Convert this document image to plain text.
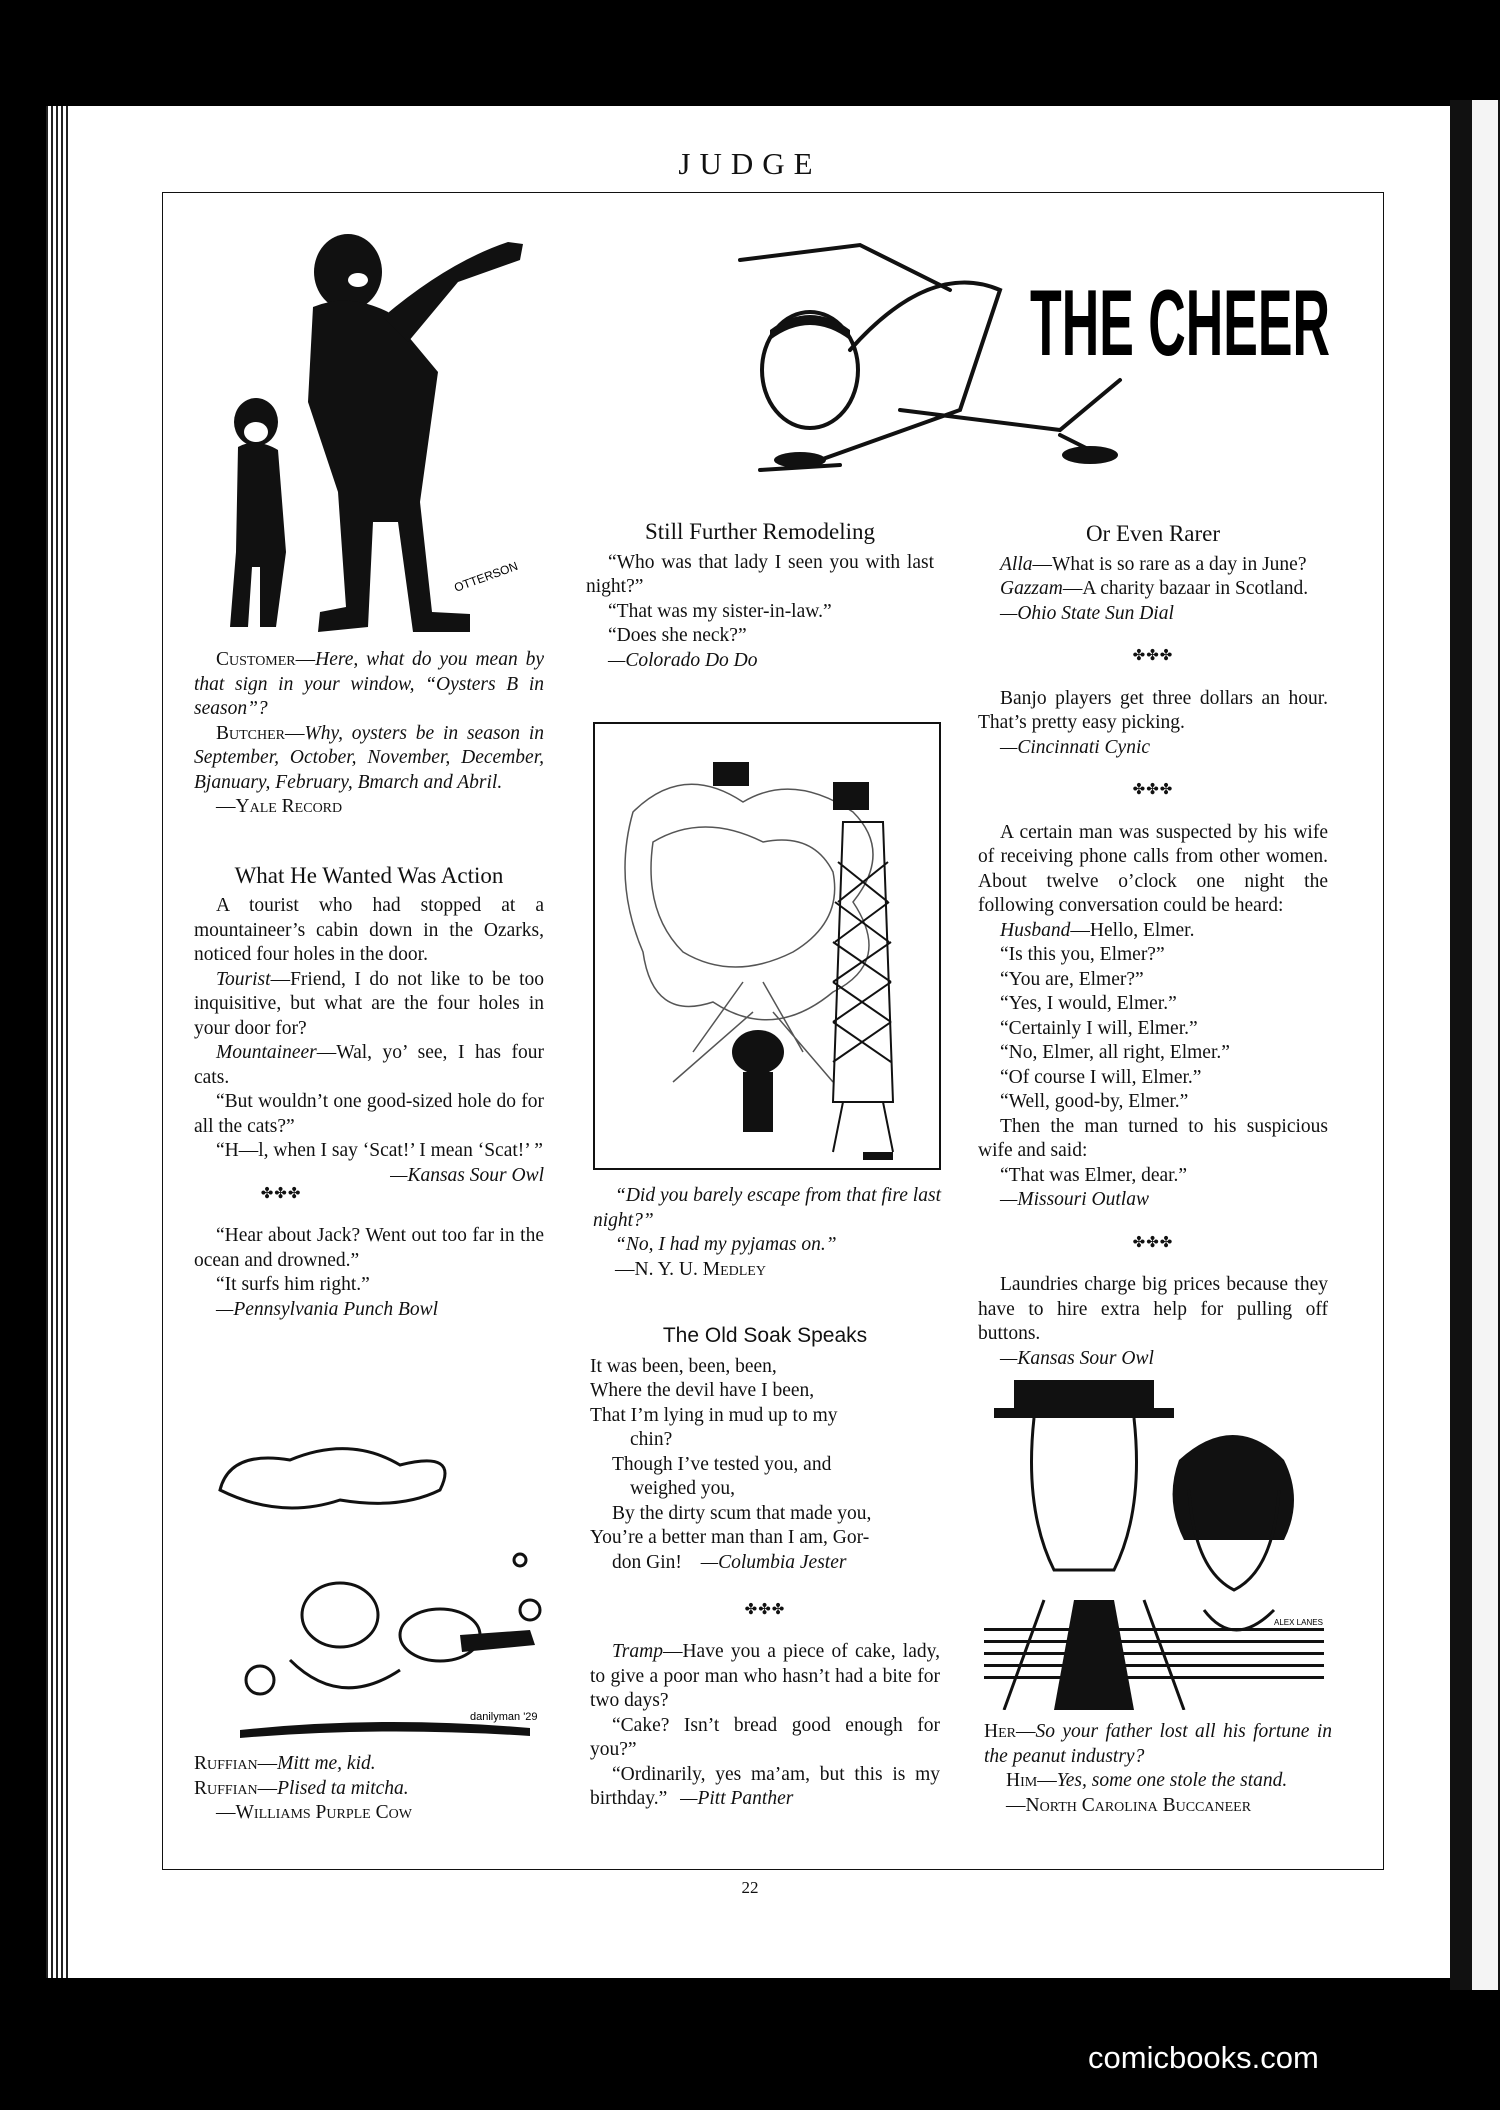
JUDGE
OTTERSON
THE CHEER
danilyman '29
ALEX LANES

Customer—Here, what do you mean by that sign in your window, “Oysters B in season”?

Butcher—Why, oysters be in season in September, October, November, December, Bjanuary, February, Bmarch and Abril.

—Yale Record

What He Wanted Was Action

A tourist who had stopped at a mountaineer’s cabin down in the Ozarks, noticed four holes in the door.

Tourist—Friend, I do not like to be too inquisitive, but what are the four holes in your door for?

Mountaineer—Wal, yo’ see, I has four cats.

“But wouldn’t one good-sized hole do for all the cats?”

“H—l, when I say ‘Scat!’ I mean ‘Scat!’ ”
—Kansas Sour Owl

✤✤✤

“Hear about Jack? Went out too far in the ocean and drowned.”

“It surfs him right.”

—Pennsylvania Punch Bowl

Ruffian—Mitt me, kid.

Ruffian—Plised ta mitcha.

—Williams Purple Cow

Still Further Remodeling

“Who was that lady I seen you with last night?”

“That was my sister-in-law.”

“Does she neck?”

—Colorado Do Do

“Did you barely escape from that fire last night?”

“No, I had my pyjamas on.”

—N. Y. U. Medley

The Old Soak Speaks

It was been, been, been,

Where the devil have I been,

That I’m lying in mud up to my

chin?

Though I’ve tested you, and

weighed you,

By the dirty scum that made you,

You’re a better man than I am, Gor-

don Gin! —Columbia Jester

✤✤✤

Tramp—Have you a piece of cake, lady, to give a poor man who hasn’t had a bite for two days?

“Cake? Isn’t bread good enough for you?”

“Ordinarily, yes ma’am, but this is my birthday.” —Pitt Panther

Or Even Rarer

Alla—What is so rare as a day in June?

Gazzam—A charity bazaar in Scotland.

—Ohio State Sun Dial

✤✤✤

Banjo players get three dollars an hour. That’s pretty easy picking.

—Cincinnati Cynic

✤✤✤

A certain man was suspected by his wife of receiving phone calls from other women. About twelve o’clock one night the following conversation could be heard:

Husband—Hello, Elmer.

“Is this you, Elmer?”

“You are, Elmer?”

“Yes, I would, Elmer.”

“Certainly I will, Elmer.”

“No, Elmer, all right, Elmer.”

“Of course I will, Elmer.”

“Well, good-by, Elmer.”

Then the man turned to his suspicious wife and said:

“That was Elmer, dear.”

—Missouri Outlaw

✤✤✤

Laundries charge big prices because they have to hire extra help for pulling off buttons.

—Kansas Sour Owl

Her—So your father lost all his fortune in the peanut industry?

Him—Yes, some one stole the stand.

—North Carolina Buccaneer

22
comicbooks.com
